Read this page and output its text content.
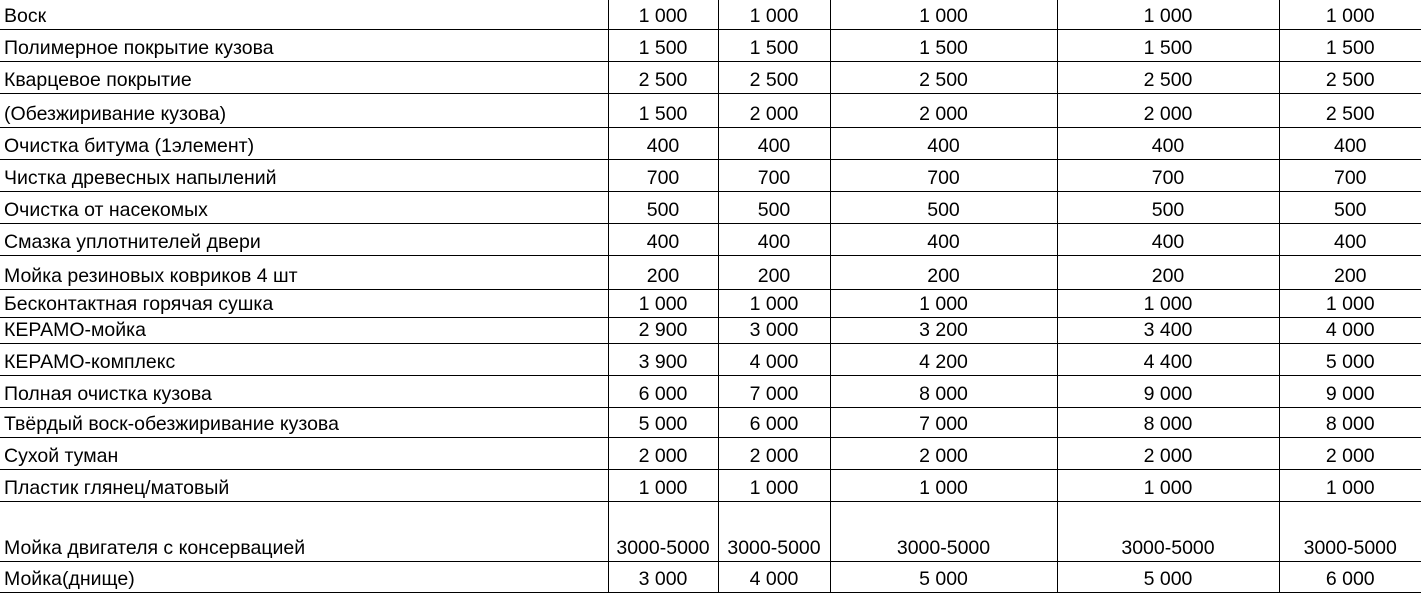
Воск	1 000	1 000	1 000	1 000	1 000
Полимерное покрытие кузова	1 500	1 500	1 500	1 500	1 500
Кварцевое покрытие	2 500	2 500	2 500	2 500	2 500
(Обезжиривание кузова)	1 500	2 000	2 000	2 000	2 500
Очистка битума (1элемент)	400	400	400	400	400
Чистка древесных напылений	700	700	700	700	700
Очистка от насекомых	500	500	500	500	500
Смазка уплотнителей двери	400	400	400	400	400
Мойка резиновых ковриков 4 шт	200	200	200	200	200
Бесконтактная горячая сушка	1 000	1 000	1 000	1 000	1 000
КЕРАМО-мойка	2 900	3 000	3 200	3 400	4 000
КЕРАМО-комплекс	3 900	4 000	4 200	4 400	5 000
Полная очистка кузова	6 000	7 000	8 000	9 000	9 000
Твёрдый воск-обезжиривание кузова	5 000	6 000	7 000	8 000	8 000
Сухой туман	2 000	2 000	2 000	2 000	2 000
Пластик глянец/матовый	1 000	1 000	1 000	1 000	1 000
Мойка двигателя с консервацией	3000-5000	3000-5000	3000-5000	3000-5000	3000-5000
Мойка(днище)	3 000	4 000	5 000	5 000	6 000
